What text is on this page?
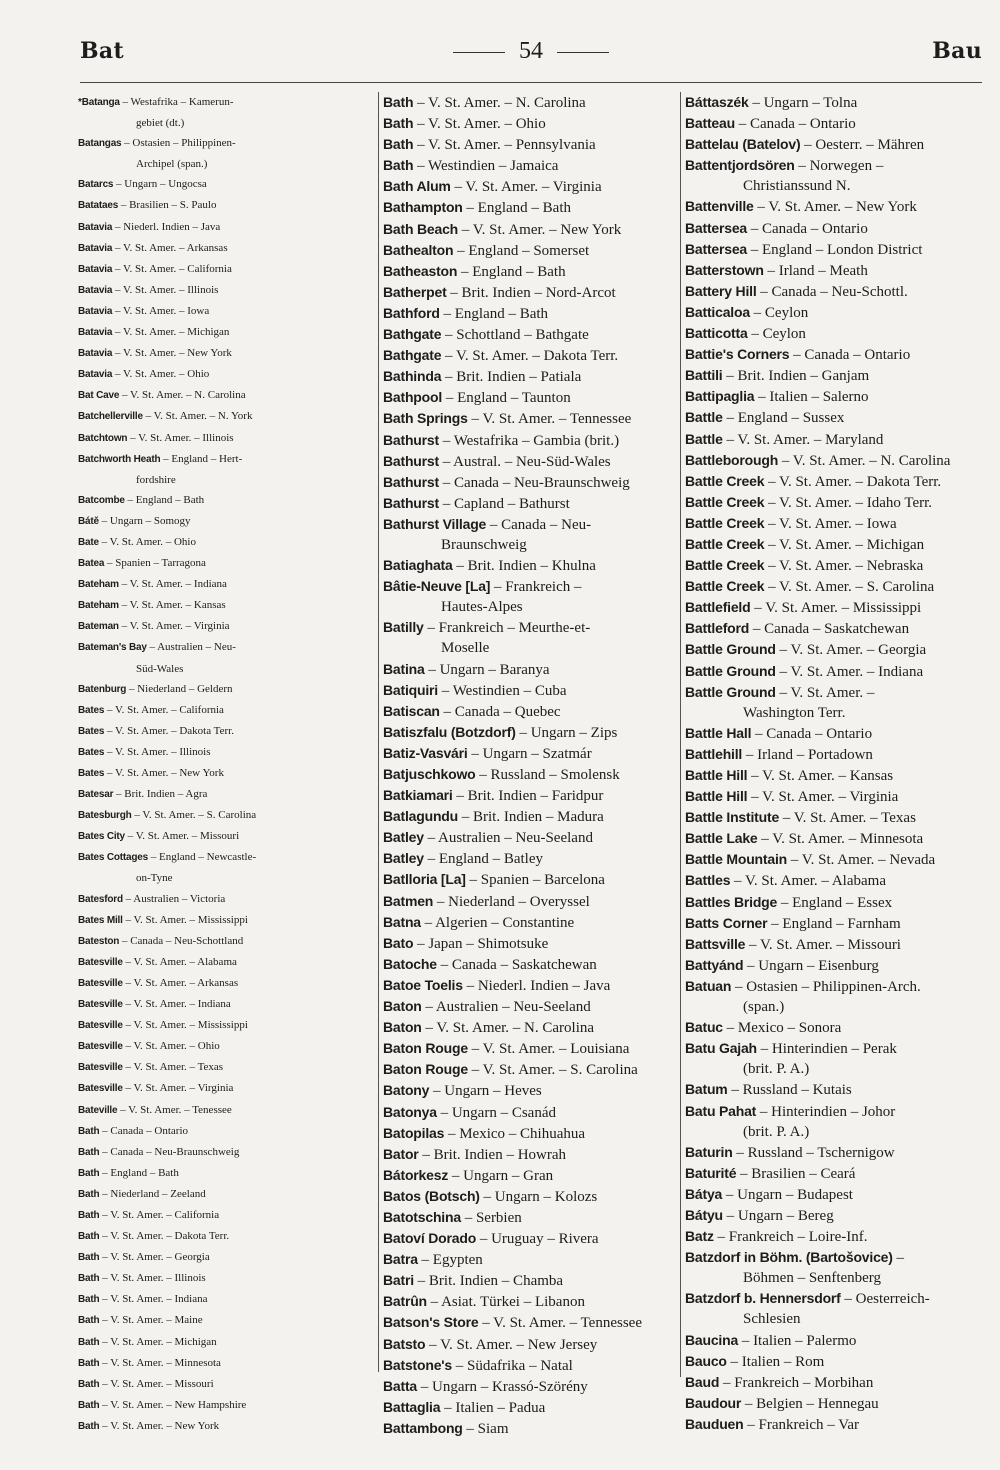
Bat	54	Bau
*Batanga – Westafrika – Kamerun-
gebiet (dt.)
Batangas – Ostasien – Philippinen-
Archipel (span.)
Batarcs – Ungarn – Ungocsa
Batataes – Brasilien – S. Paulo
Batavia – Niederl. Indien – Java
Batavia – V. St. Amer. – Arkansas
Batavia – V. St. Amer. – California
Batavia – V. St. Amer. – Illinois
Batavia – V. St. Amer. – Iowa
Batavia – V. St. Amer. – Michigan
Batavia – V. St. Amer. – New York
Batavia – V. St. Amer. – Ohio
Bat Cave – V. St. Amer. – N. Carolina
Batchellerville – V. St. Amer. – N. York
Batchtown – V. St. Amer. – Illinois
Batchworth Heath – England – Hert-
fordshire
Batcombe – England – Bath
Bátě – Ungarn – Somogy
Bate – V. St. Amer. – Ohio
Batea – Spanien – Tarragona
Bateham – V. St. Amer. – Indiana
Bateham – V. St. Amer. – Kansas
Bateman – V. St. Amer. – Virginia
Bateman's Bay – Australien – Neu-
Süd-Wales
Batenburg – Niederland – Geldern
Bates – V. St. Amer. – California
Bates – V. St. Amer. – Dakota Terr.
Bates – V. St. Amer. – Illinois
Bates – V. St. Amer. – New York
Batesar – Brit. Indien – Agra
Batesburgh – V. St. Amer. – S. Carolina
Bates City – V. St. Amer. – Missouri
Bates Cottages – England – Newcastle-
on-Tyne
Batesford – Australien – Victoria
Bates Mill – V. St. Amer. – Mississippi
Bateston – Canada – Neu-Schottland
Batesville – V. St. Amer. – Alabama
Batesville – V. St. Amer. – Arkansas
Batesville – V. St. Amer. – Indiana
Batesville – V. St. Amer. – Mississippi
Batesville – V. St. Amer. – Ohio
Batesville – V. St. Amer. – Texas
Batesville – V. St. Amer. – Virginia
Bateville – V. St. Amer. – Tenessee
Bath – Canada – Ontario
Bath – Canada – Neu-Braunschweig
Bath – England – Bath
Bath – Niederland – Zeeland
Bath – V. St. Amer. – California
Bath – V. St. Amer. – Dakota Terr.
Bath – V. St. Amer. – Georgia
Bath – V. St. Amer. – Illinois
Bath – V. St. Amer. – Indiana
Bath – V. St. Amer. – Maine
Bath – V. St. Amer. – Michigan
Bath – V. St. Amer. – Minnesota
Bath – V. St. Amer. – Missouri
Bath – V. St. Amer. – New Hampshire
Bath – V. St. Amer. – New York
Bath – V. St. Amer. – N. Carolina
Bath – V. St. Amer. – Ohio
Bath – V. St. Amer. – Pennsylvania
Bath – Westindien – Jamaica
Bath Alum – V. St. Amer. – Virginia
Bathampton – England – Bath
Bath Beach – V. St. Amer. – New York
Bathealton – England – Somerset
Batheaston – England – Bath
Batherpet – Brit. Indien – Nord-Arcot
Bathford – England – Bath
Bathgate – Schottland – Bathgate
Bathgate – V. St. Amer. – Dakota Terr.
Bathinda – Brit. Indien – Patiala
Bathpool – England – Taunton
Bath Springs – V. St. Amer. – Tennessee
Bathurst – Westafrika – Gambia (brit.)
Bathurst – Austral. – Neu-Süd-Wales
Bathurst – Canada – Neu-Braunschweig
Bathurst – Capland – Bathurst
Bathurst Village – Canada – Neu-
Braunschweig
Batiaghata – Brit. Indien – Khulna
Bâtie-Neuve [La] – Frankreich –
Hautes-Alpes
Batilly – Frankreich – Meurthe-et-
Moselle
Batina – Ungarn – Baranya
Batiquiri – Westindien – Cuba
Batiscan – Canada – Quebec
Batiszfalu (Botzdorf) – Ungarn – Zips
Batiz-Vasvári – Ungarn – Szatmár
Batjuschkowo – Russland – Smolensk
Batkiamari – Brit. Indien – Faridpur
Batlagundu – Brit. Indien – Madura
Batley – Australien – Neu-Seeland
Batley – England – Batley
Batlloria [La] – Spanien – Barcelona
Batmen – Niederland – Overyssel
Batna – Algerien – Constantine
Bato – Japan – Shimotsuke
Batoche – Canada – Saskatchewan
Batoe Toelis – Niederl. Indien – Java
Baton – Australien – Neu-Seeland
Baton – V. St. Amer. – N. Carolina
Baton Rouge – V. St. Amer. – Louisiana
Baton Rouge – V. St. Amer. – S. Carolina
Batony – Ungarn – Heves
Batonya – Ungarn – Csanád
Batopilas – Mexico – Chihuahua
Bator – Brit. Indien – Howrah
Bátorkesz – Ungarn – Gran
Batos (Botsch) – Ungarn – Kolozs
Batotschina – Serbien
Batoví Dorado – Uruguay – Rivera
Batra – Egypten
Batri – Brit. Indien – Chamba
Batrûn – Asiat. Türkei – Libanon
Batson's Store – V. St. Amer. – Tennessee
Batsto – V. St. Amer. – New Jersey
Batstone's – Südafrika – Natal
Batta – Ungarn – Krassó-Szörény
Battaglia – Italien – Padua
Battambong – Siam
Báttaszék – Ungarn – Tolna
Batteau – Canada – Ontario
Battelau (Batelov) – Oesterr. – Mähren
Battentjordsören – Norwegen –
Christianssund N.
Battenville – V. St. Amer. – New York
Battersea – Canada – Ontario
Battersea – England – London District
Batterstown – Irland – Meath
Battery Hill – Canada – Neu-Schottl.
Batticaloa – Ceylon
Batticotta – Ceylon
Battie's Corners – Canada – Ontario
Battili – Brit. Indien – Ganjam
Battipaglia – Italien – Salerno
Battle – England – Sussex
Battle – V. St. Amer. – Maryland
Battleborough – V. St. Amer. – N. Carolina
Battle Creek – V. St. Amer. – Dakota Terr.
Battle Creek – V. St. Amer. – Idaho Terr.
Battle Creek – V. St. Amer. – Iowa
Battle Creek – V. St. Amer. – Michigan
Battle Creek – V. St. Amer. – Nebraska
Battle Creek – V. St. Amer. – S. Carolina
Battlefield – V. St. Amer. – Mississippi
Battleford – Canada – Saskatchewan
Battle Ground – V. St. Amer. – Georgia
Battle Ground – V. St. Amer. – Indiana
Battle Ground – V. St. Amer. –
Washington Terr.
Battle Hall – Canada – Ontario
Battlehill – Irland – Portadown
Battle Hill – V. St. Amer. – Kansas
Battle Hill – V. St. Amer. – Virginia
Battle Institute – V. St. Amer. – Texas
Battle Lake – V. St. Amer. – Minnesota
Battle Mountain – V. St. Amer. – Nevada
Battles – V. St. Amer. – Alabama
Battles Bridge – England – Essex
Batts Corner – England – Farnham
Battsville – V. St. Amer. – Missouri
Battyánd – Ungarn – Eisenburg
Batuan – Ostasien – Philippinen-Arch.
(span.)
Batuc – Mexico – Sonora
Batu Gajah – Hinterindien – Perak
(brit. P. A.)
Batum – Russland – Kutais
Batu Pahat – Hinterindien – Johor
(brit. P. A.)
Baturin – Russland – Tschernigow
Baturité – Brasilien – Ceará
Bátya – Ungarn – Budapest
Bátyu – Ungarn – Bereg
Batz – Frankreich – Loire-Inf.
Batzdorf in Böhm. (Bartošovice) –
Böhmen – Senftenberg
Batzdorf b. Hennersdorf – Oesterreich-
Schlesien
Baucina – Italien – Palermo
Bauco – Italien – Rom
Baud – Frankreich – Morbihan
Baudour – Belgien – Hennegau
Bauduen – Frankreich – Var
